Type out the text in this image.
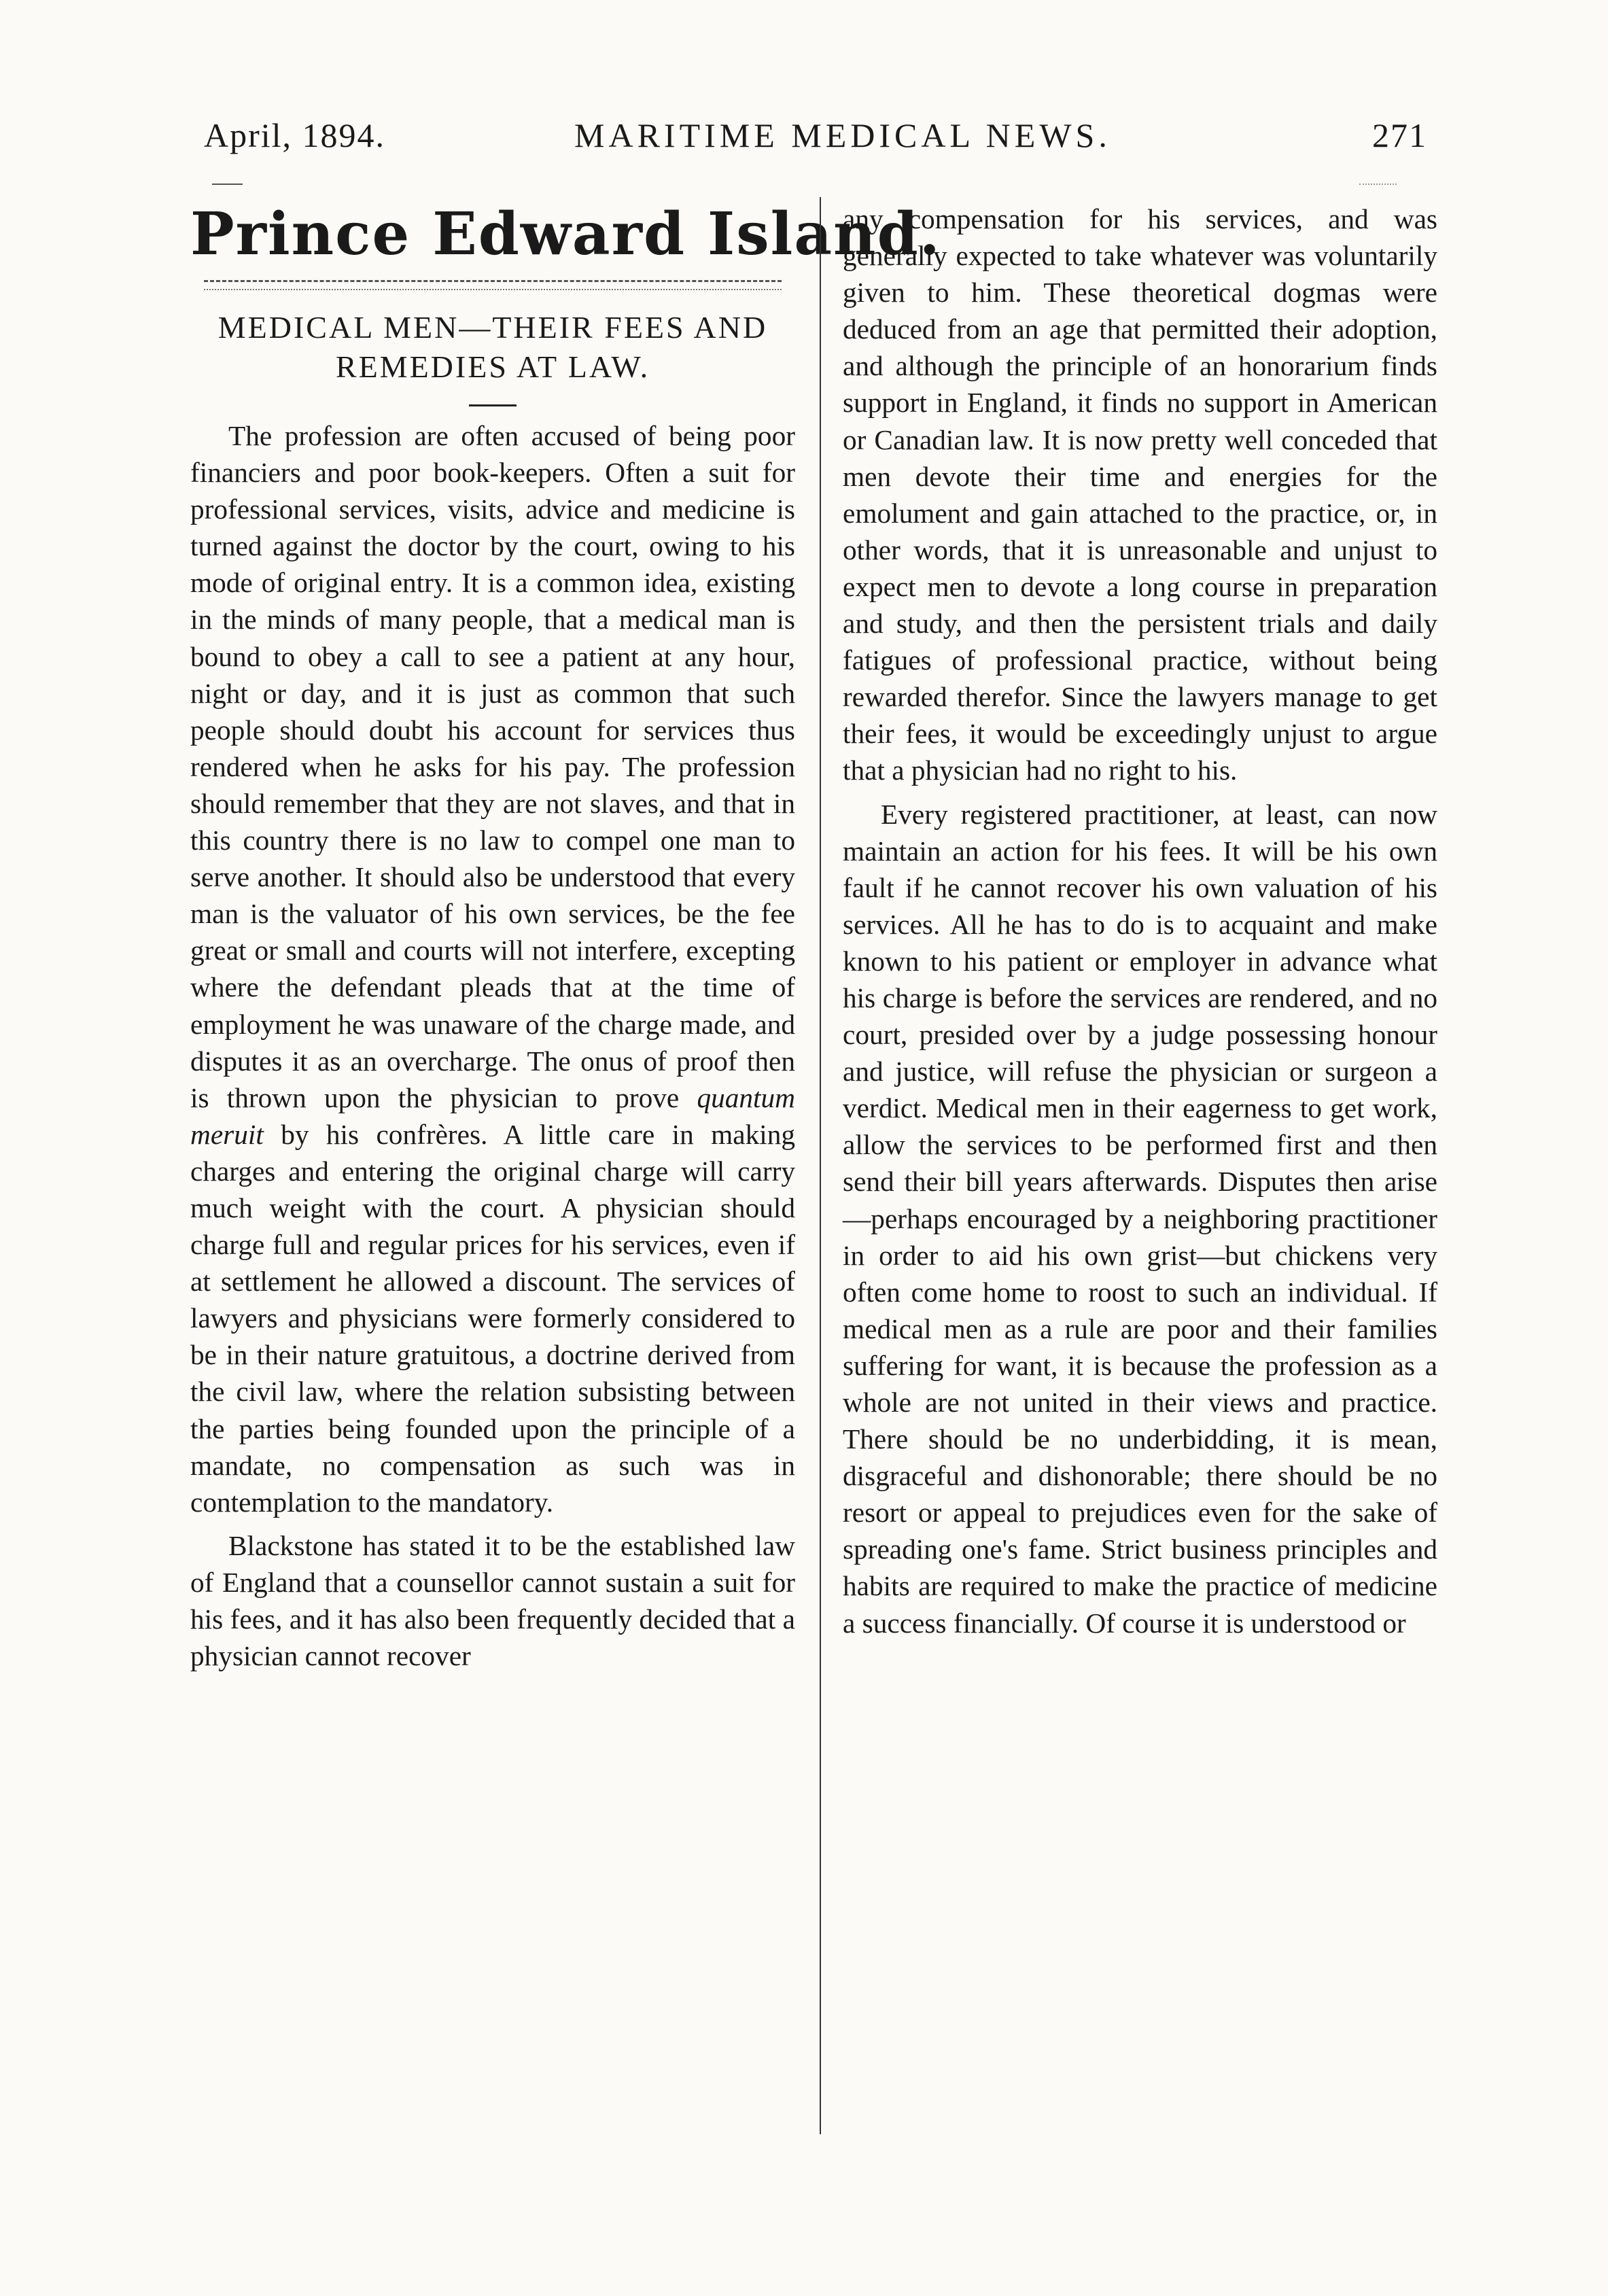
April, 1894.	MARITIME MEDICAL NEWS.	271
Prince Edward Island.
MEDICAL MEN—THEIR FEES AND REMEDIES AT LAW.

The profession are often accused of being poor financiers and poor book-keepers. Often a suit for professional services, visits, advice and medicine is turned against the doctor by the court, owing to his mode of original entry. It is a common idea, existing in the minds of many people, that a medical man is bound to obey a call to see a patient at any hour, night or day, and it is just as common that such people should doubt his account for services thus rendered when he asks for his pay. The profession should remember that they are not slaves, and that in this country there is no law to compel one man to serve another. It should also be understood that every man is the valuator of his own services, be the fee great or small and courts will not interfere, excepting where the defendant pleads that at the time of employment he was unaware of the charge made, and disputes it as an overcharge. The onus of proof then is thrown upon the physician to prove quantum meruit by his confrères. A little care in making charges and entering the original charge will carry much weight with the court. A physician should charge full and regular prices for his services, even if at settlement he allowed a discount. The services of lawyers and physicians were formerly considered to be in their nature gratuitous, a doctrine derived from the civil law, where the relation subsisting between the parties being founded upon the principle of a mandate, no compensation as such was in contemplation to the mandatory.

Blackstone has stated it to be the established law of England that a counsellor cannot sustain a suit for his fees, and it has also been frequently decided that a physician cannot recover

any compensation for his services, and was generally expected to take whatever was voluntarily given to him. These theoretical dogmas were deduced from an age that permitted their adoption, and although the principle of an honorarium finds support in England, it finds no support in American or Canadian law. It is now pretty well conceded that men devote their time and energies for the emolument and gain attached to the practice, or, in other words, that it is unreasonable and unjust to expect men to devote a long course in preparation and study, and then the persistent trials and daily fatigues of professional practice, without being rewarded therefor. Since the lawyers manage to get their fees, it would be exceedingly unjust to argue that a physician had no right to his.

Every registered practitioner, at least, can now maintain an action for his fees. It will be his own fault if he cannot recover his own valuation of his services. All he has to do is to acquaint and make known to his patient or employer in advance what his charge is before the services are rendered, and no court, presided over by a judge possessing honour and justice, will refuse the physician or surgeon a verdict. Medical men in their eagerness to get work, allow the services to be performed first and then send their bill years afterwards. Disputes then arise—perhaps encouraged by a neighboring practitioner in order to aid his own grist—but chickens very often come home to roost to such an individual. If medical men as a rule are poor and their families suffering for want, it is because the profession as a whole are not united in their views and practice. There should be no underbidding, it is mean, disgraceful and dishonorable; there should be no resort or appeal to prejudices even for the sake of spreading one's fame. Strict business principles and habits are required to make the practice of medicine a success financially. Of course it is understood or
